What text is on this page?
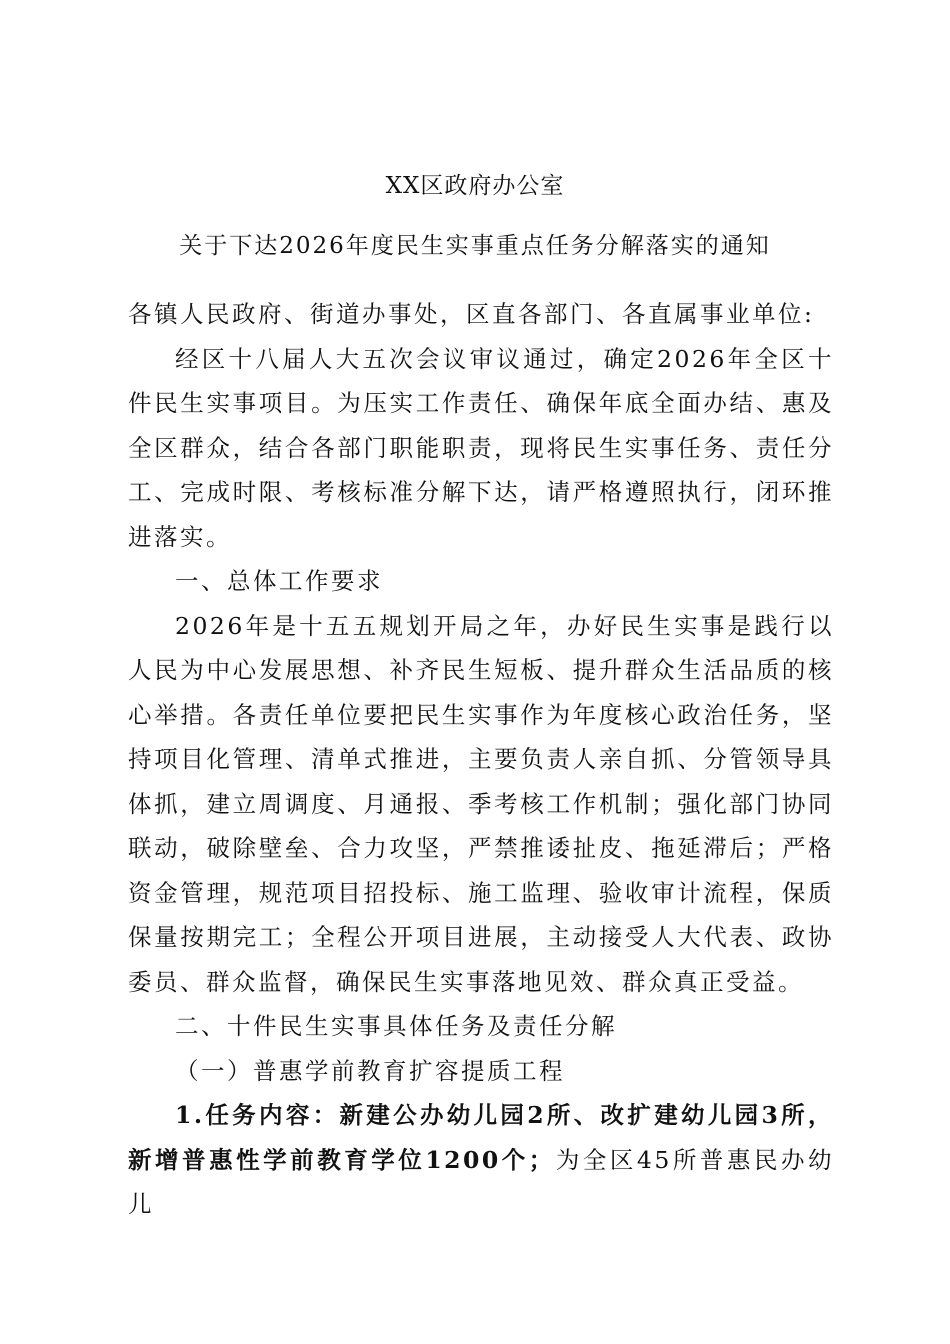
XX区政府办公室
关于下达2026年度民生实事重点任务分解落实的通知

各镇人民政府、街道办事处，区直各部门、各直属事业单位:

经区十八届人大五次会议审议通过，确定2026年全区十件民生实事项目。为压实工作责任、确保年底全面办结、惠及全区群众，结合各部门职能职责，现将民生实事任务、责任分工、完成时限、考核标准分解下达，请严格遵照执行，闭环推进落实。

一、总体工作要求

2026年是十五五规划开局之年，办好民生实事是践行以人民为中心发展思想、补齐民生短板、提升群众生活品质的核心举措。各责任单位要把民生实事作为年度核心政治任务，坚持项目化管理、清单式推进，主要负责人亲自抓、分管领导具体抓，建立周调度、月通报、季考核工作机制；强化部门协同联动，破除壁垒、合力攻坚，严禁推诿扯皮、拖延滞后；严格资金管理，规范项目招投标、施工监理、验收审计流程，保质保量按期完工；全程公开项目进展，主动接受人大代表、政协委员、群众监督，确保民生实事落地见效、群众真正受益。

二、十件民生实事具体任务及责任分解

（一）普惠学前教育扩容提质工程

1.任务内容：新建公办幼儿园2所、改扩建幼儿园3所，新增普惠性学前教育学位1200个；为全区45所普惠民办幼儿
